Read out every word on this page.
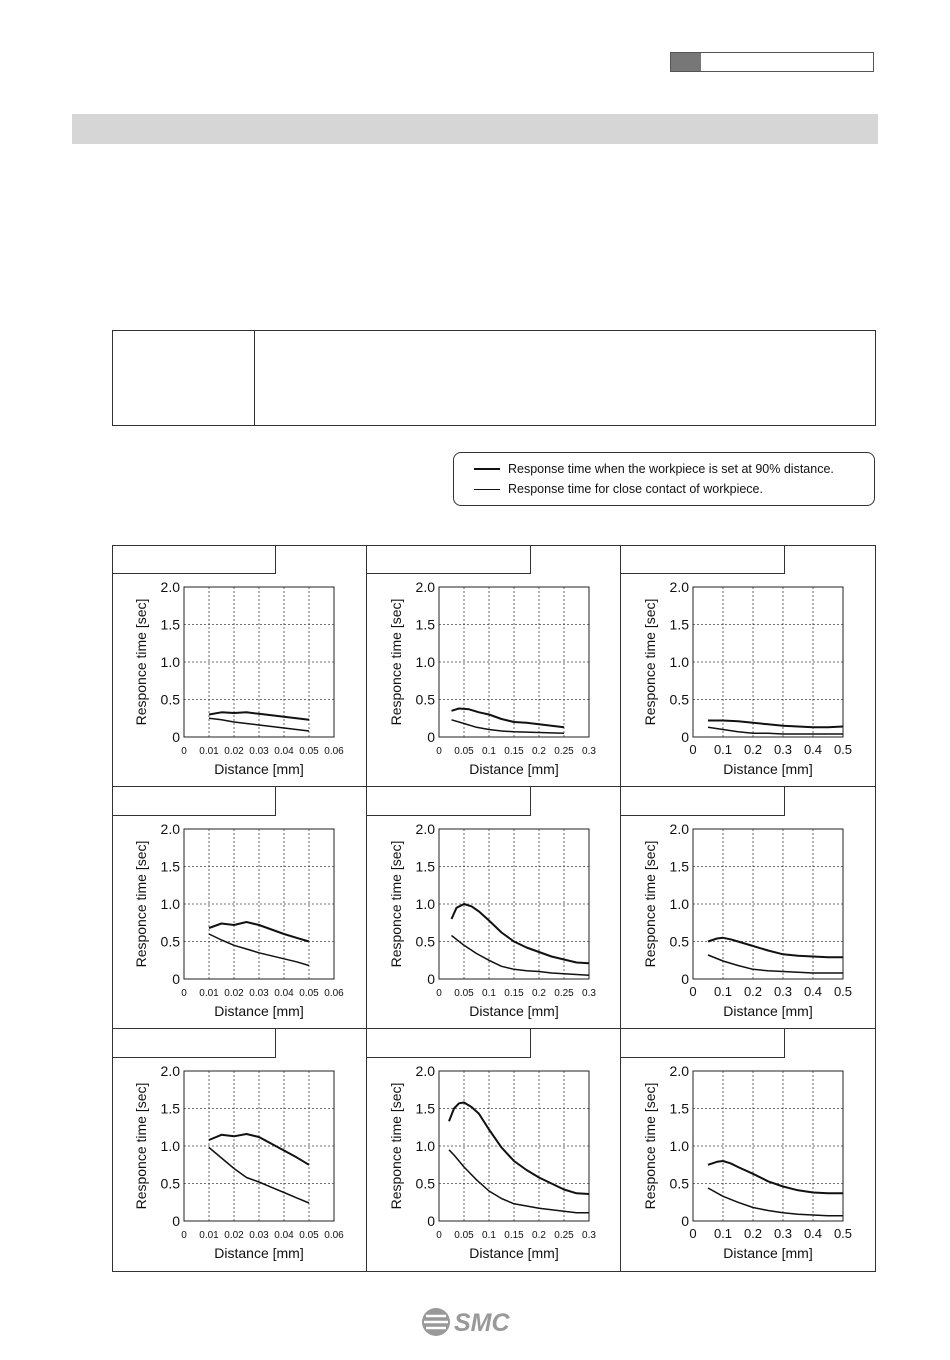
Response time when the workpiece is set at 90% distance.
Response time for close contact of workpiece.
0 0.01 0.02 0.03 0.04 0.05 0.06
0
0.5
1.0
1.5
2.0
Distance [mm]
Responce time [sec]
0 0.05 0.1 0.15 0.2 0.25 0.3
0
0.5
1.0
1.5
2.0
Distance [mm]
Responce time [sec]
0 0.1 0.2 0.3 0.4 0.5
0
0.5
1.0
1.5
2.0
Distance [mm]
Responce time [sec]
0 0.01 0.02 0.03 0.04 0.05 0.06
0
0.5
1.0
1.5
2.0
Distance [mm]
Responce time [sec]
0 0.05 0.1 0.15 0.2 0.25 0.3
0
0.5
1.0
1.5
2.0
Distance [mm]
Responce time [sec]
0 0.1 0.2 0.3 0.4 0.5
0
0.5
1.0
1.5
2.0
Distance [mm]
Responce time [sec]
0 0.01 0.02 0.03 0.04 0.05 0.06
0
0.5
1.0
1.5
2.0
Distance [mm]
Responce time [sec]
0 0.05 0.1 0.15 0.2 0.25 0.3
0
0.5
1.0
1.5
2.0
Distance [mm]
Responce time [sec]
0 0.1 0.2 0.3 0.4 0.5
0
0.5
1.0
1.5
2.0
Distance [mm]
Responce time [sec]
SMC
